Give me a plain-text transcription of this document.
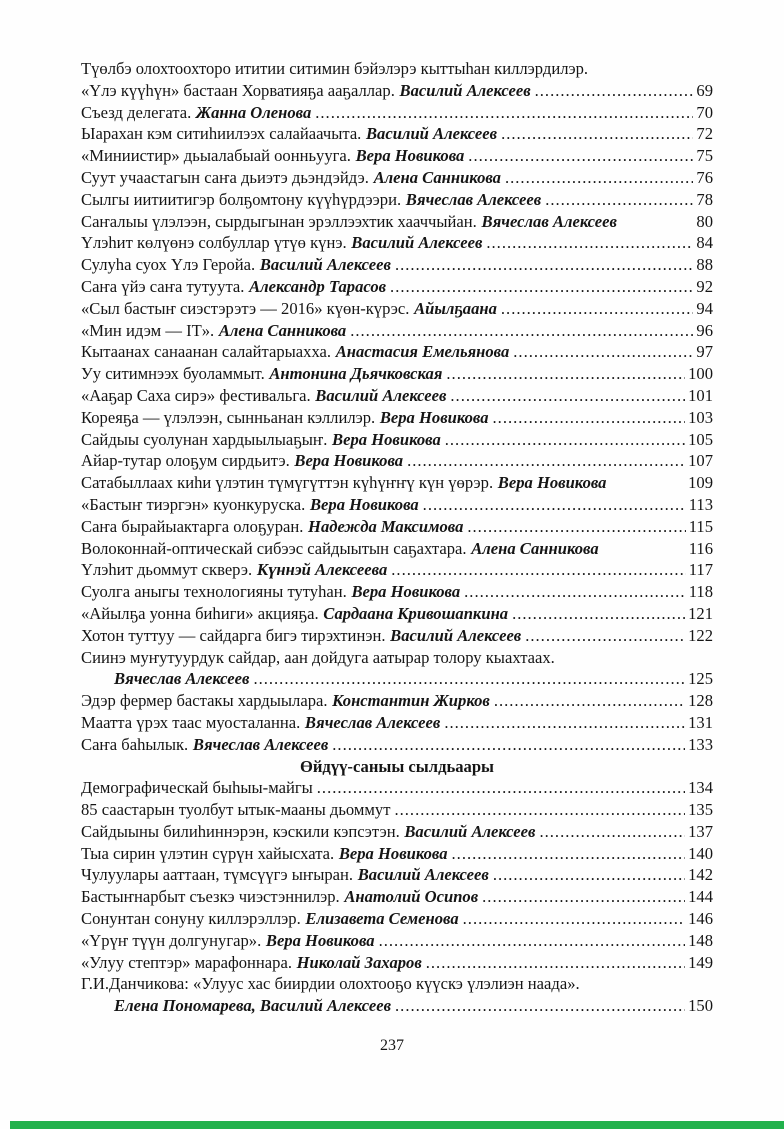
Түөлбэ олохтоохторо ититии ситимин бэйэлэрэ кыттыһан киллэрдилэр.
«Үлэ күүһүн» бастаан Хорватияҕа ааҕаллар. Василий Алексеев .....	69
Съезд делегата. Жанна Оленова .....	70
Ыарахан кэм ситиһиилээх салайаачыта. Василий Алексеев .....	72
«Миниистир» дьыалабыай оонньууга. Вера Новикова .....	75
Суут учаастагын саҥа дьиэтэ дьэндэйдэ. Алена Санникова .....	76
Сылгы иитиитигэр болҕомтону күүһүрдээри. Вячеслав Алексеев .....	78
Саҥалыы үлэлээн, сырдыгынан эрэллээхтик хааччыйан. Вячеслав Алексеев	80
Үлэһит көлүөнэ солбуллар үтүө күнэ. Василий Алексеев .....	84
Сулуһа суох Үлэ Геройа. Василий Алексеев .....	88
Саҥа үйэ саҥа тутуута. Александр Тарасов .....	92
«Сыл бастыҥ сиэстэрэтэ — 2016» күөн-күрэс. Айылҕаана .....	94
«Мин идэм — IT». Алена Санникова .....	96
Кытаанах санаанан салайтарыахха. Анастасия Емельянова .....	97
Уу ситимнээх буоламмыт. Антонина Дьячковская .....	100
«Ааҕар Саха сирэ» фестивальга. Василий Алексеев .....	101
Кореяҕа — үлэлээн, сынньанан кэллилэр. Вера Новикова .....	103
Сайдыы суолунан хардыылыаҕыҥ. Вера Новикова .....	105
Айар-тутар олоҕум сирдьитэ. Вера Новикова .....	107
Сатабыллаах киһи үлэтин түмүгүттэн күһүҥҥү күн үөрэр. Вера Новикова	109
«Бастыҥ тиэргэн» куонкуруска. Вера Новикова .....	113
Саҥа бырайыактарга олоҕуран. Надежда Максимова .....	115
Волоконнай-оптическай сибээс сайдыытын саҕахтара. Алена Санникова	116
Үлэһит дьоммут скверэ. Күннэй Алексеева .....	117
Суолга аныгы технологияны тутуһан. Вера Новикова .....	118
«Айылҕа уонна биһиги» акцияҕа. Сардаана Кривошапкина .....	121
Хотон туттуу — сайдарга бигэ тирэхтинэн. Василий Алексеев .....	122
Сиинэ муҥутуурдук сайдар, аан дойдуга аатырар толору кыахтаах.
Вячеслав Алексеев .....	125
Эдэр фермер бастакы хардыылара. Константин Жирков .....	128
Маатта үрэх таас муосталанна. Вячеслав Алексеев .....	131
Саҥа баһылык. Вячеслав Алексеев .....	133
Өйдүү-саныы сылдьаары
Демографическай быһыы-майгы .....	134
85 саастарын туолбут ытык-мааны дьоммут .....	135
Сайдыыны билиһиннэрэн, кэскили кэпсэтэн. Василий Алексеев .....	137
Тыа сирин үлэтин сүрүн хайысхата. Вера Новикова .....	140
Чулуулары ааттаан, түмсүүгэ ыҥыран. Василий Алексеев .....	142
Бастыҥнарбыт съезкэ чиэстэннилэр. Анатолий Осипов .....	144
Сонунтан сонуну киллэрэллэр. Елизавета Семенова .....	146
«Үрүҥ түүн долгунугар». Вера Новикова .....	148
«Улуу стептэр» марафоннара. Николай Захаров .....	149
Г.И.Данчикова: «Улуус хас биирдии олохтооҕо күүскэ үлэлиэн наада».
Елена Пономарева, Василий Алексеев .....	150
237
